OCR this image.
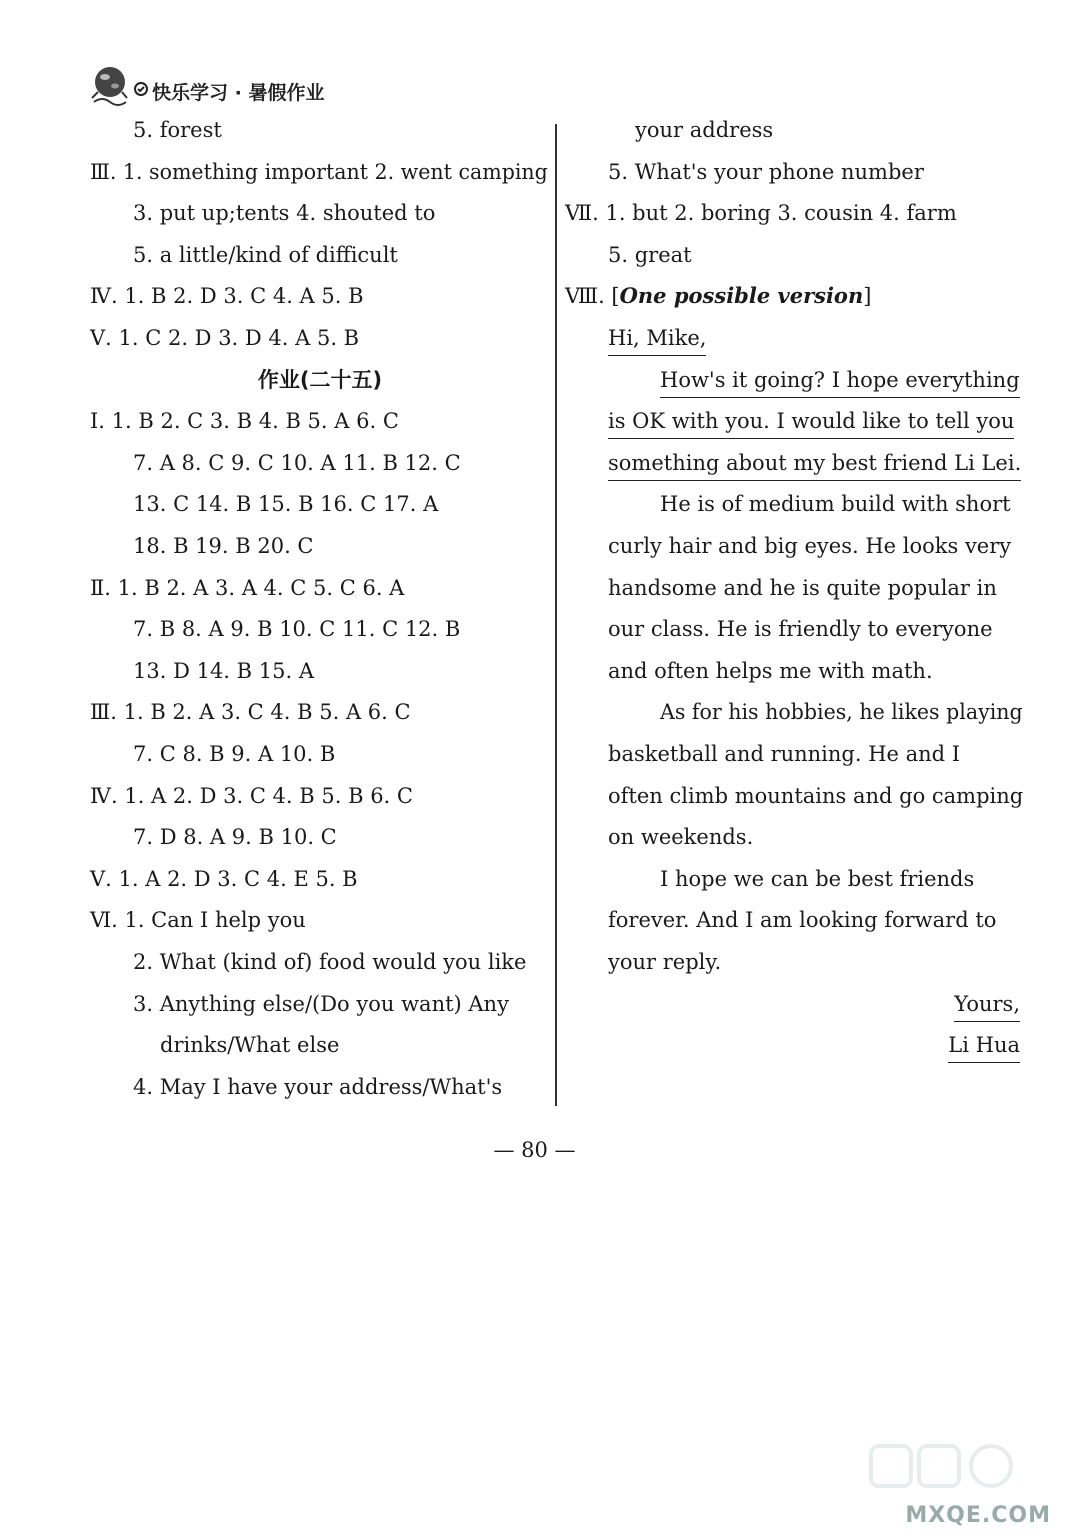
快乐学习 · 暑假作业
5. forest
Ⅲ. 1. something important 2. went camping
3. put up;tents 4. shouted to
5. a little/kind of difficult
Ⅳ. 1. B 2. D 3. C 4. A 5. B
Ⅴ. 1. C 2. D 3. D 4. A 5. B
作业(二十五)
Ⅰ. 1. B 2. C 3. B 4. B 5. A 6. C
7. A 8. C 9. C 10. A 11. B 12. C
13. C 14. B 15. B 16. C 17. A
18. B 19. B 20. C
Ⅱ. 1. B 2. A 3. A 4. C 5. C 6. A
7. B 8. A 9. B 10. C 11. C 12. B
13. D 14. B 15. A
Ⅲ. 1. B 2. A 3. C 4. B 5. A 6. C
7. C 8. B 9. A 10. B
Ⅳ. 1. A 2. D 3. C 4. B 5. B 6. C
7. D 8. A 9. B 10. C
Ⅴ. 1. A 2. D 3. C 4. E 5. B
Ⅵ. 1. Can I help you
2. What (kind of) food would you like
3. Anything else/(Do you want) Any
drinks/What else
4. May I have your address/What's
your address
5. What's your phone number
Ⅶ. 1. but 2. boring 3. cousin 4. farm
5. great
Ⅷ. [One possible version]
Hi, Mike,
How's it going? I hope everything
is OK with you. I would like to tell you
something about my best friend Li Lei.
He is of medium build with short
curly hair and big eyes. He looks very
handsome and he is quite popular in
our class. He is friendly to everyone
and often helps me with math.
As for his hobbies, he likes playing
basketball and running. He and I
often climb mountains and go camping
on weekends.
I hope we can be best friends
forever. And I am looking forward to
your reply.
Yours,
Li Hua
— 80 —
MXQE.COM
